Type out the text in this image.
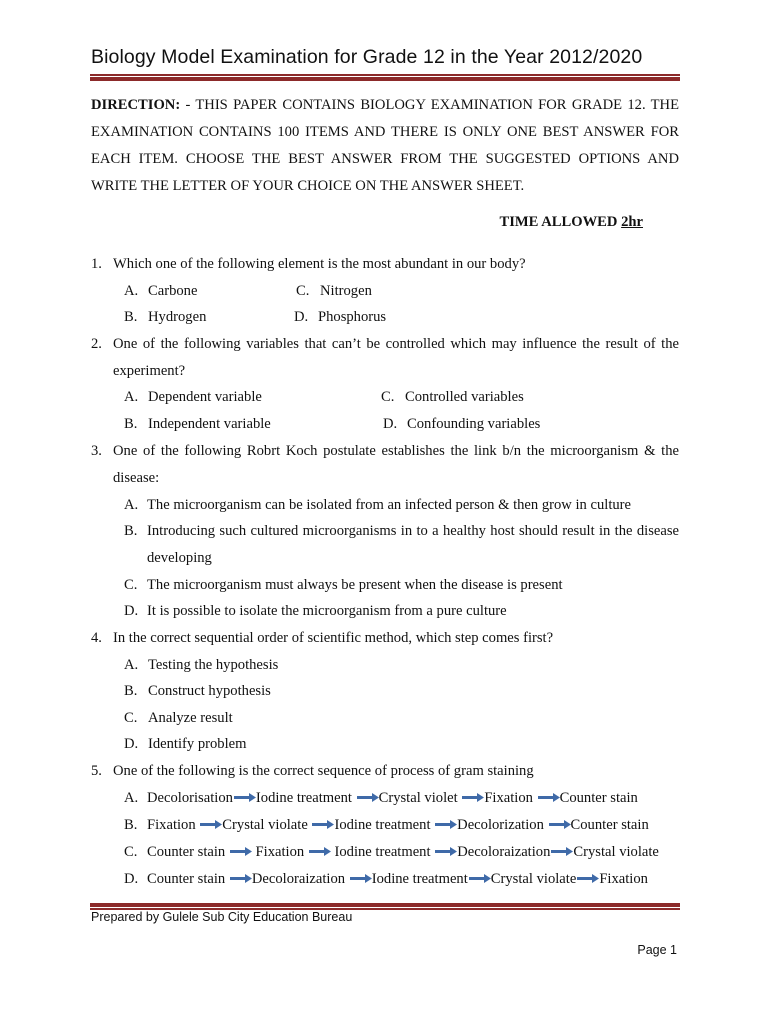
Biology Model Examination for Grade 12 in the Year 2012/2020
DIRECTION: - THIS PAPER CONTAINS BIOLOGY EXAMINATION FOR GRADE 12. THE EXAMINATION CONTAINS 100 ITEMS AND THERE IS ONLY ONE BEST ANSWER FOR EACH ITEM. CHOOSE THE BEST ANSWER FROM THE SUGGESTED OPTIONS AND WRITE THE LETTER OF YOUR CHOICE ON THE ANSWER SHEET.
TIME ALLOWED 2hr
1. Which one of the following element is the most abundant in our body?
A. Carbone	C. Nitrogen
B. Hydrogen	D. Phosphorus
2. One of the following variables that can’t be controlled which may influence the result of the experiment?
A. Dependent variable	C. Controlled variables
B. Independent variable	D. Confounding variables
3. One of the following Robrt Koch postulate establishes the link b/n the microorganism & the disease:
A. The microorganism can be isolated from an infected person & then grow in culture
B. Introducing such cultured microorganisms in to a healthy host should result in the disease developing
C. The microorganism must always be present when the disease is present
D. It is possible to isolate the microorganism from a pure culture
4. In the correct sequential order of scientific method, which step comes first?
A. Testing the hypothesis
B. Construct hypothesis
C. Analyze result
D. Identify problem
5. One of the following is the correct sequence of process of gram staining
A. Decolorisation Iodine treatment
Crystal violet
Fixation
Counter stain
B. Fixation
Crystal violate
Iodine treatment
Decolorization
Counter stain
C. Counter stain
Fixation
Iodine treatment
Decoloraization Crystal violate
D. Counter stain
Decoloraization
Iodine treatment Crystal violate Fixation
Prepared by Gulele Sub City Education Bureau
Page 1
